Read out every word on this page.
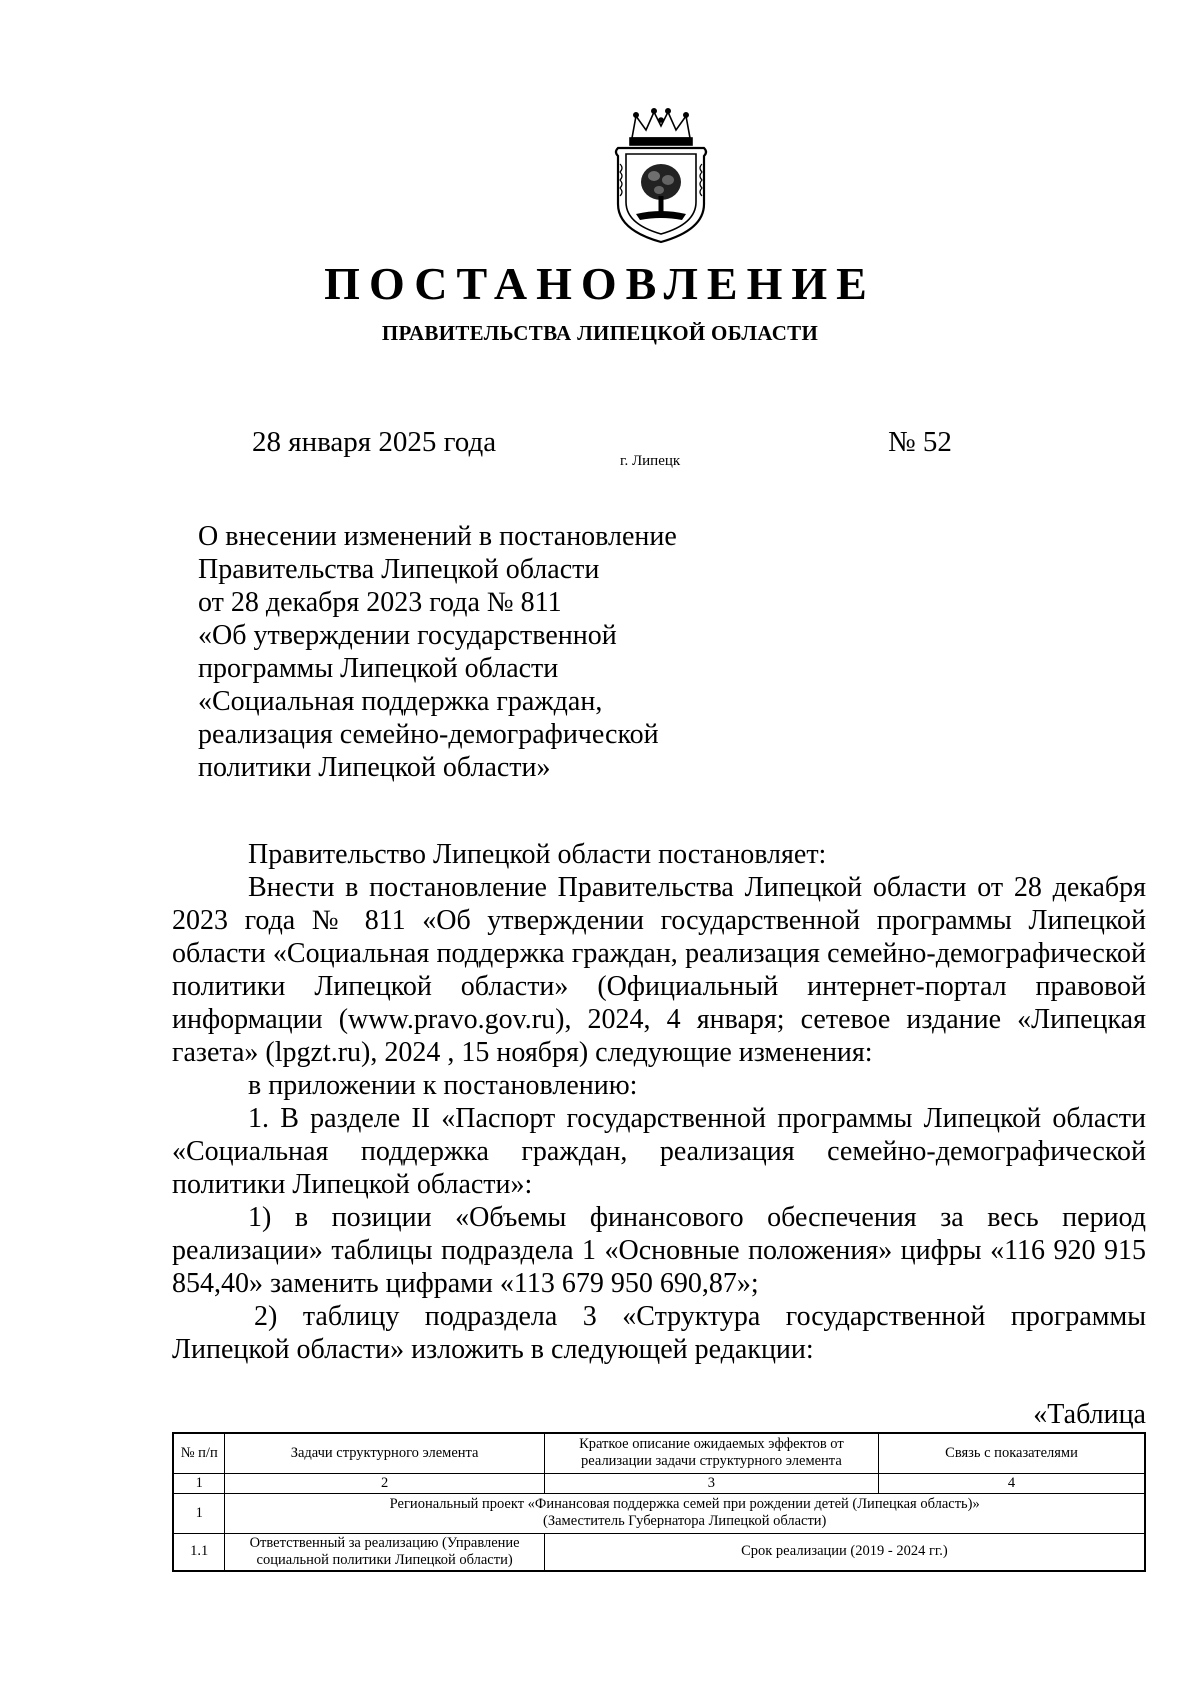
ПОСТАНОВЛЕНИЕ
ПРАВИТЕЛЬСТВА ЛИПЕЦКОЙ ОБЛАСТИ
28 января 2025 года
г. Липецк
№ 52
О внесении изменений в постановление
Правительства Липецкой области
от 28 декабря 2023 года № 811
«Об утверждении государственной
программы Липецкой области
«Социальная поддержка граждан,
реализация семейно-демографической
политики Липецкой области»

Правительство Липецкой области постановляет:

Внести в постановление Правительства Липецкой области от 28 декабря 2023 года № 811 «Об утверждении государственной программы Липецкой области «Социальная поддержка граждан, реализация семейно-демографической политики Липецкой области» (Официальный интернет-портал правовой информации (www.pravo.gov.ru), 2024, 4 января; сетевое издание «Липецкая газета» (lpgzt.ru), 2024 , 15 ноября) следующие изменения:

в приложении к постановлению:

1. В разделе II «Паспорт государственной программы Липецкой области «Социальная поддержка граждан, реализация семейно-демографической политики Липецкой области»:

1) в позиции «Объемы финансового обеспечения за весь период реализации» таблицы подраздела 1 «Основные положения» цифры «116 920 915 854,40» заменить цифрами «113 679 950 690,87»;

2) таблицу подраздела 3 «Структура государственной программы Липецкой области» изложить в следующей редакции:

«Таблица
№ п/п	Задачи структурного элемента	Краткое описание ожидаемых эффектов от реализации задачи структурного элемента	Связь с показателями
1	2	3	4
1	Региональный проект «Финансовая поддержка семей при рождении детей (Липецкая область)»
(Заместитель Губернатора Липецкой области)		

1.1	Ответственный за реализацию (Управление социальной политики Липецкой области)	Срок реализации (2019 - 2024 гг.)	
